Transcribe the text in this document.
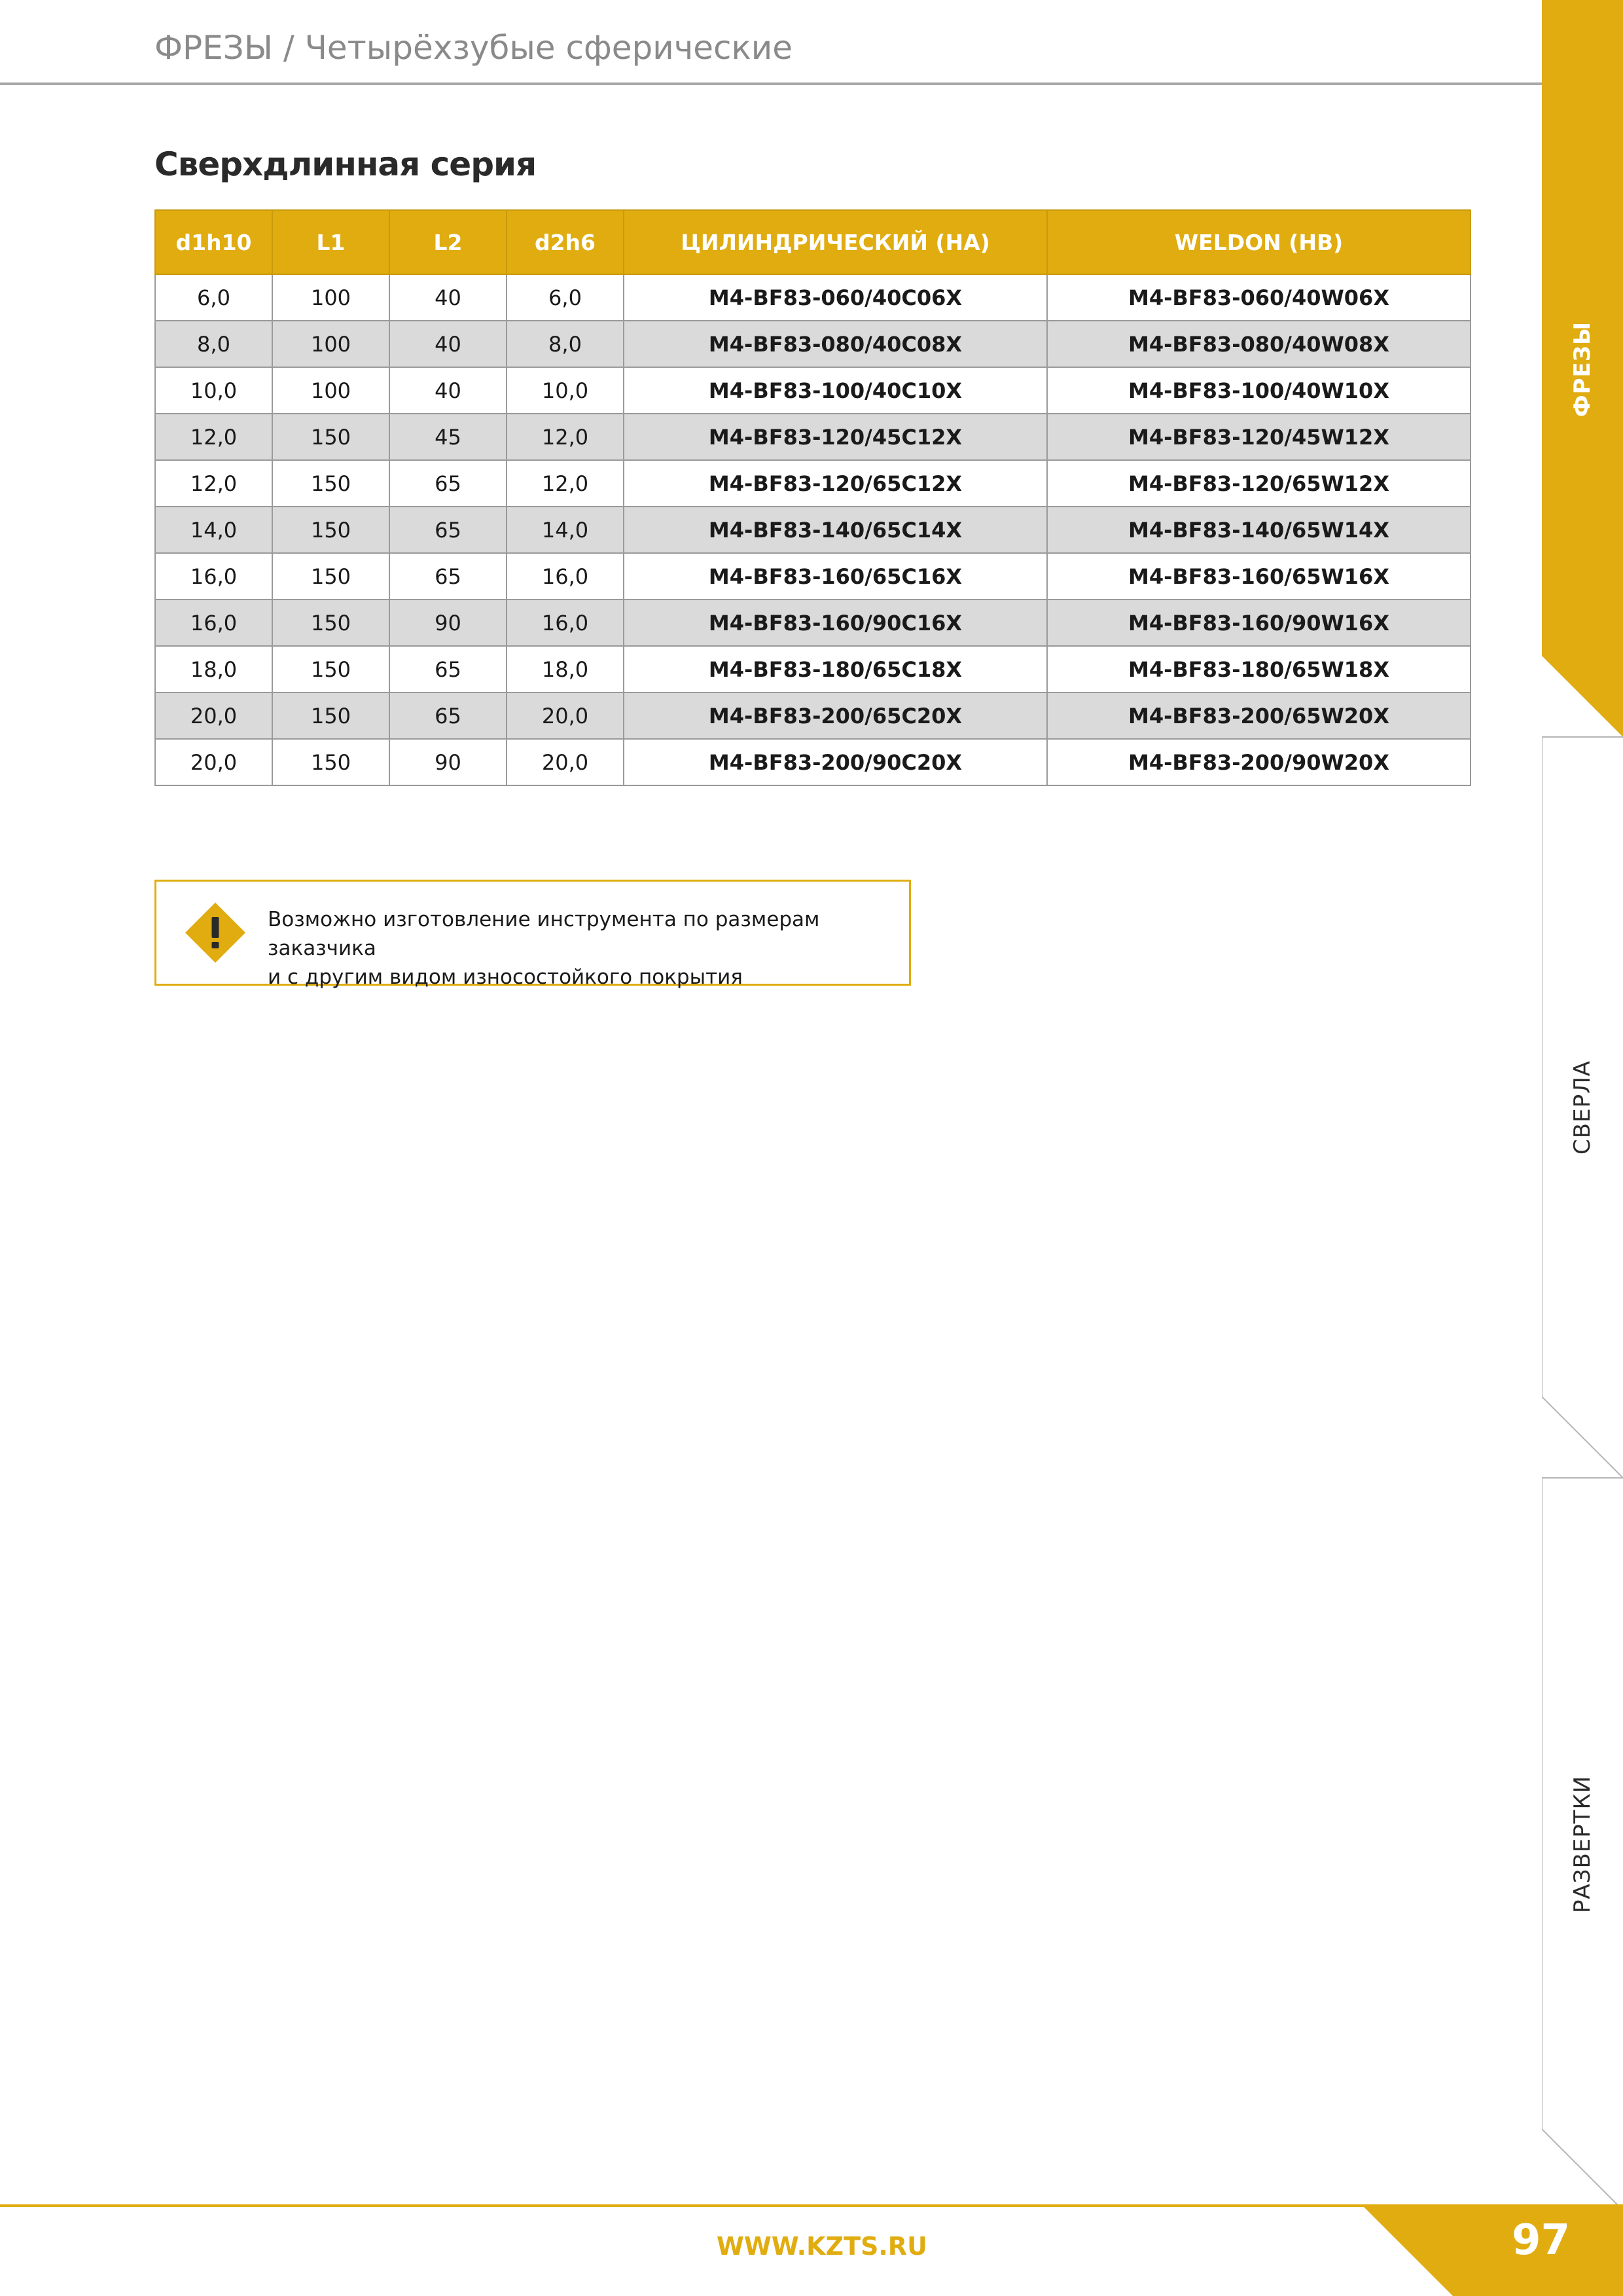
ФРЕЗЫ / Четырёхзубые сферические
Сверхдлинная серия
d1h10	L1	L2	d2h6	ЦИЛИНДРИЧЕСКИЙ (HA)	WELDON (HB)
6,0	100	40	6,0	M4-BF83-060/40C06X	M4-BF83-060/40W06X
8,0	100	40	8,0	M4-BF83-080/40C08X	M4-BF83-080/40W08X
10,0	100	40	10,0	M4-BF83-100/40C10X	M4-BF83-100/40W10X
12,0	150	45	12,0	M4-BF83-120/45C12X	M4-BF83-120/45W12X
12,0	150	65	12,0	M4-BF83-120/65C12X	M4-BF83-120/65W12X
14,0	150	65	14,0	M4-BF83-140/65C14X	M4-BF83-140/65W14X
16,0	150	65	16,0	M4-BF83-160/65C16X	M4-BF83-160/65W16X
16,0	150	90	16,0	M4-BF83-160/90C16X	M4-BF83-160/90W16X
18,0	150	65	18,0	M4-BF83-180/65C18X	M4-BF83-180/65W18X
20,0	150	65	20,0	M4-BF83-200/65C20X	M4-BF83-200/65W20X
20,0	150	90	20,0	M4-BF83-200/90C20X	M4-BF83-200/90W20X
Возможно изготовление инструмента по размерам заказчика
и с другим видом износостойкого покрытия
ФРЕЗЫ
СВЕРЛА
РАЗВЕРТКИ
WWW.KZTS.RU	97
